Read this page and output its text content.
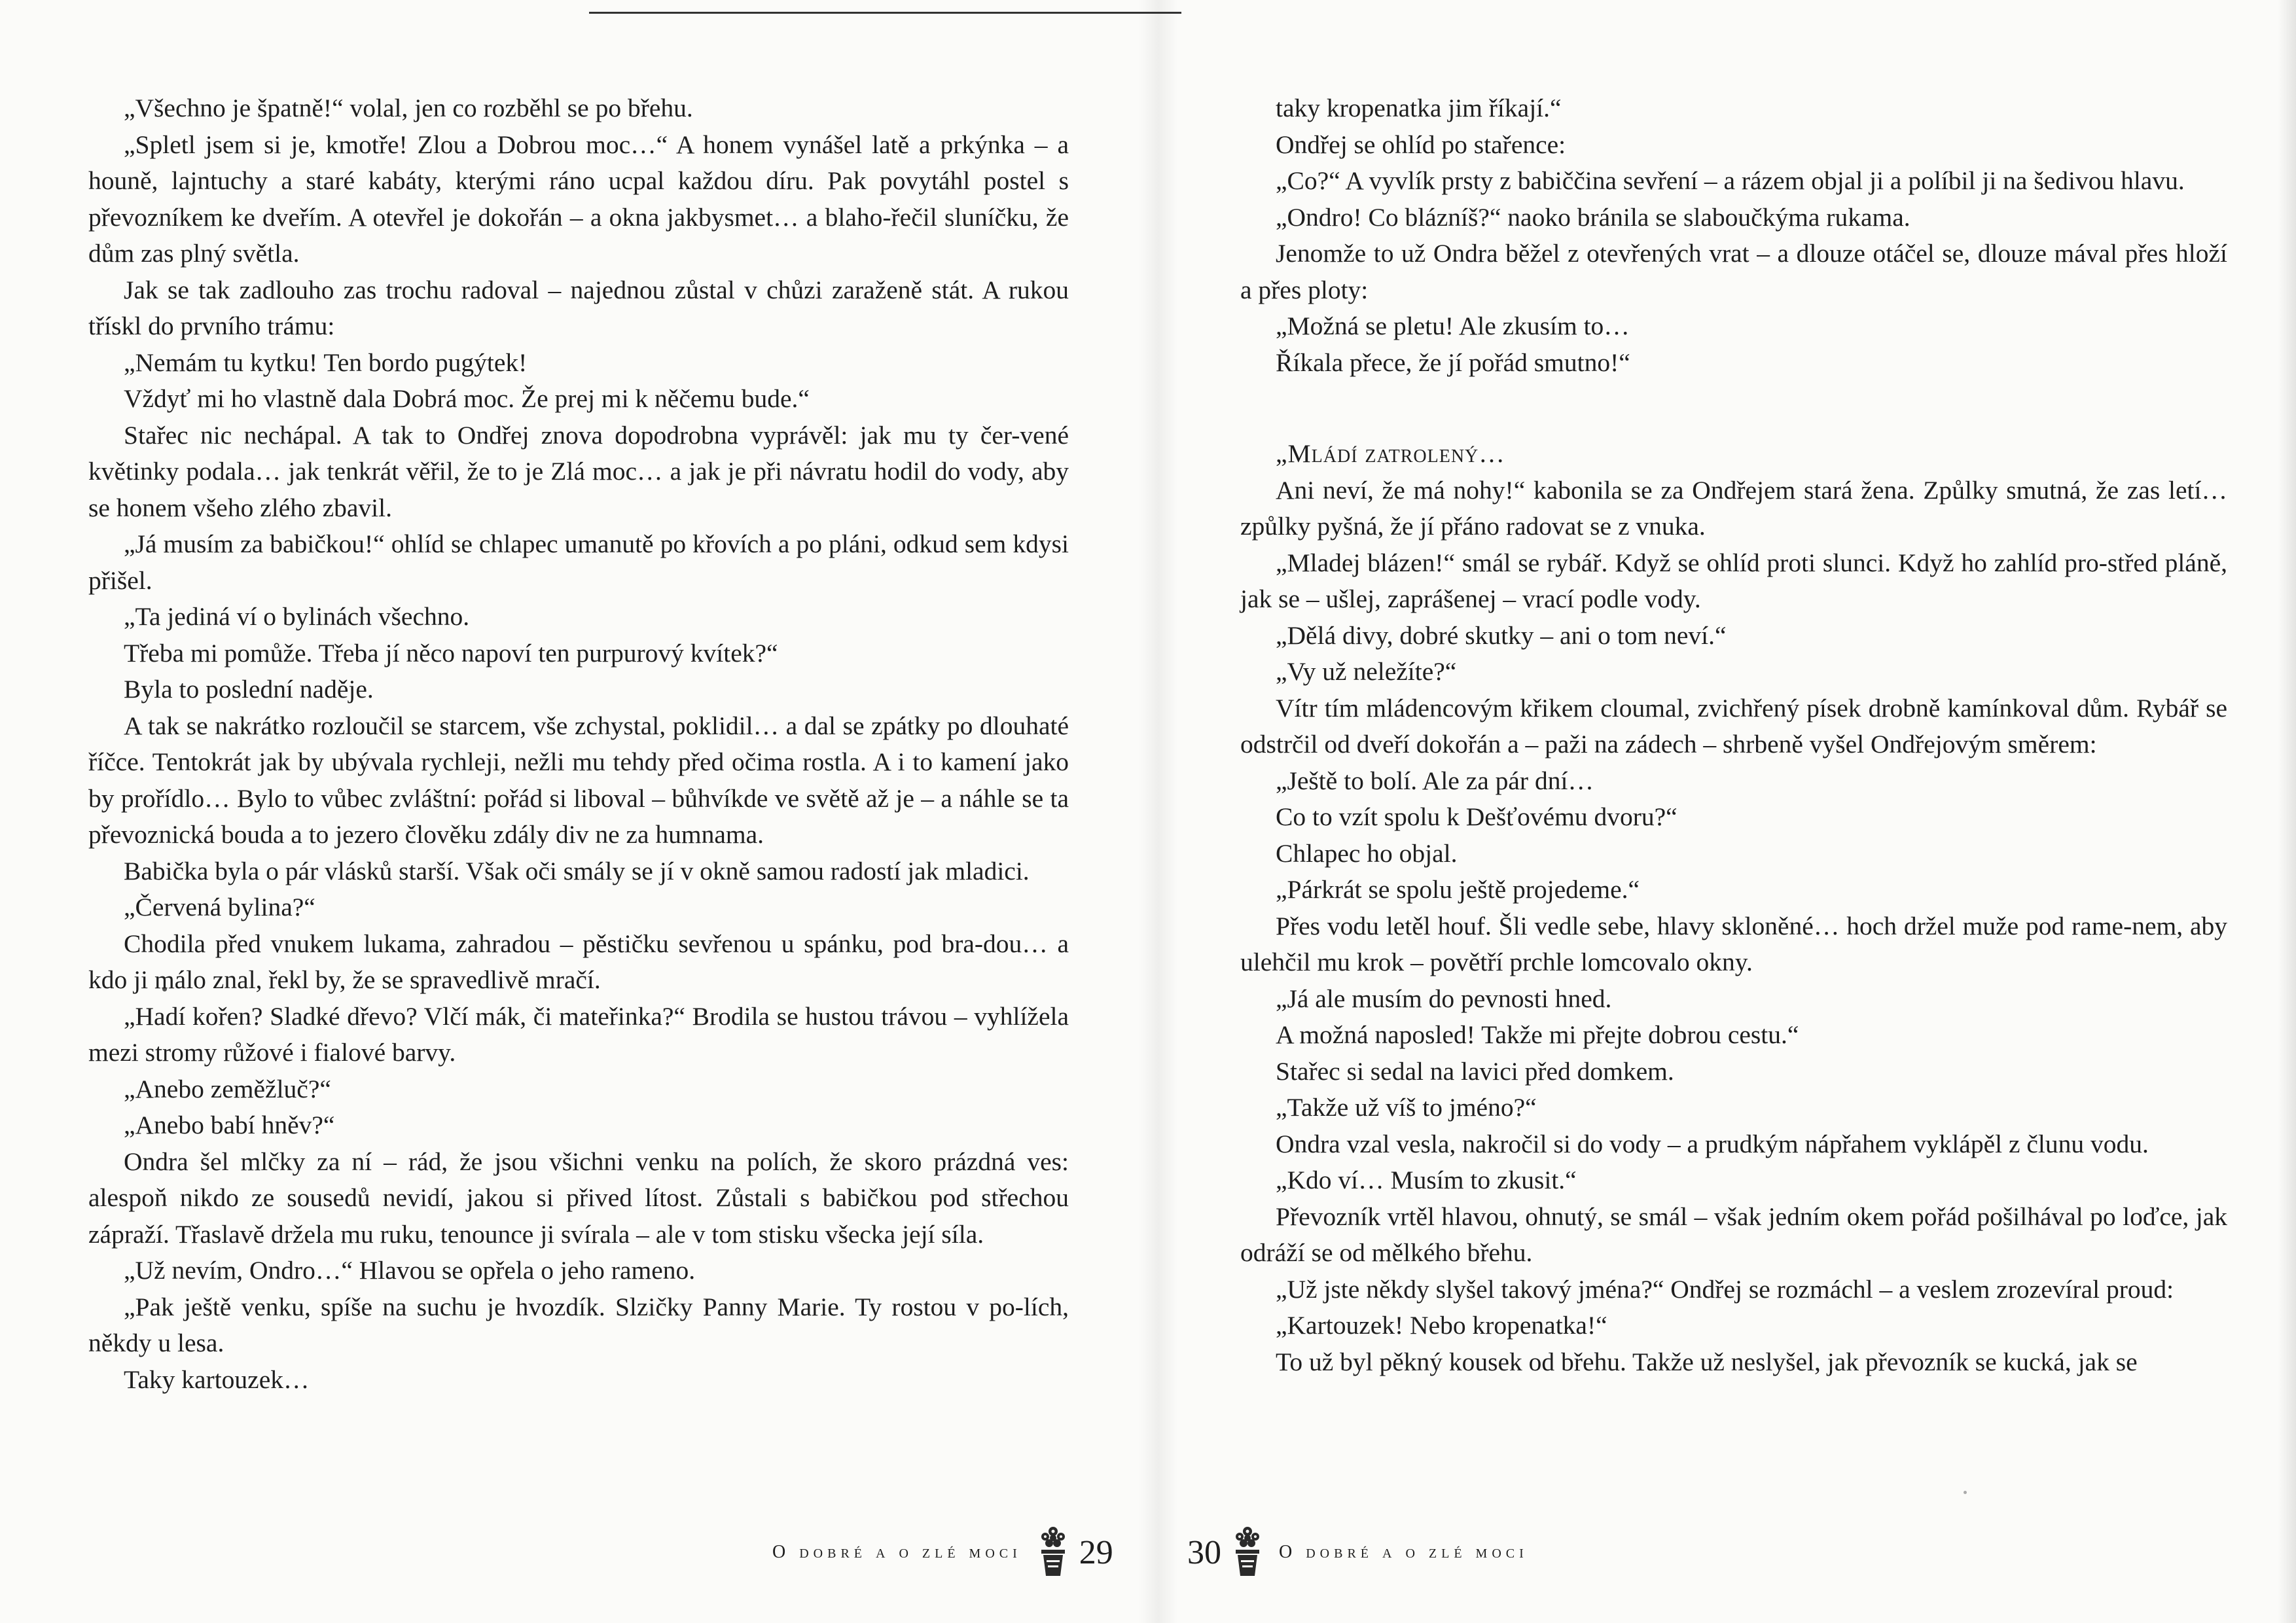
„Všechno je špatně!“ volal, jen co rozběhl se po břehu.

„Spletl jsem si je, kmotře! Zlou a Dobrou moc…“ A honem vynášel latě a prkýnka – a houně, lajntuchy a staré kabáty, kterými ráno ucpal každou díru. Pak povytáhl postel s převozníkem ke dveřím. A otevřel je dokořán – a okna jakbysmet… a blaho-řečil sluníčku, že dům zas plný světla.

Jak se tak zadlouho zas trochu radoval – najednou zůstal v chůzi zaraženě stát. A rukou třískl do prvního trámu:

„Nemám tu kytku! Ten bordo pugýtek!

Vždyť mi ho vlastně dala Dobrá moc. Že prej mi k něčemu bude.“

Stařec nic nechápal. A tak to Ondřej znova dopodrobna vyprávěl: jak mu ty čer-vené květinky podala… jak tenkrát věřil, že to je Zlá moc… a jak je při návratu hodil do vody, aby se honem všeho zlého zbavil.

„Já musím za babičkou!“ ohlíd se chlapec umanutě po křovích a po pláni, odkud sem kdysi přišel.

„Ta jediná ví o bylinách všechno.

Třeba mi pomůže. Třeba jí něco napoví ten purpurový kvítek?“

Byla to poslední naděje.

A tak se nakrátko rozloučil se starcem, vše zchystal, poklidil… a dal se zpátky po dlouhaté říčce. Tentokrát jak by ubývala rychleji, nežli mu tehdy před očima rostla. A i to kamení jako by prořídlo… Bylo to vůbec zvláštní: pořád si liboval – bůhvíkde ve světě až je – a náhle se ta převoznická bouda a to jezero člověku zdály div ne za humnama.

Babička byla o pár vlásků starší. Však oči smály se jí v okně samou radostí jak mladici.

„Červená bylina?“

Chodila před vnukem lukama, zahradou – pěstičku sevřenou u spánku, pod bra-dou… a kdo ji málo znal, řekl by, že se spravedlivě mračí.

„Hadí kořen? Sladké dřevo? Vlčí mák, či mateřinka?“ Brodila se hustou trávou – vyhlížela mezi stromy růžové i fialové barvy.

„Anebo zeměžluč?“

„Anebo babí hněv?“

Ondra šel mlčky za ní – rád, že jsou všichni venku na polích, že skoro prázdná ves: alespoň nikdo ze sousedů nevidí, jakou si přived lítost. Zůstali s babičkou pod střechou zápraží. Třaslavě držela mu ruku, tenounce ji svírala – ale v tom stisku všecka její síla.

„Už nevím, Ondro…“ Hlavou se opřela o jeho rameno.

„Pak ještě venku, spíše na suchu je hvozdík. Slzičky Panny Marie. Ty rostou v po-lích, někdy u lesa.

Taky kartouzek…

taky kropenatka jim říkají.“

Ondřej se ohlíd po stařence:

„Co?“ A vyvlík prsty z babiččina sevření – a rázem objal ji a políbil ji na šedivou hlavu.

„Ondro! Co blázníš?“ naoko bránila se slaboučkýma rukama.

Jenomže to už Ondra běžel z otevřených vrat – a dlouze otáčel se, dlouze mával přes hloží a přes ploty:

„Možná se pletu! Ale zkusím to…

Říkala přece, že jí pořád smutno!“

„Mládí zatrolený…

Ani neví, že má nohy!“ kabonila se za Ondřejem stará žena. Způlky smutná, že zas letí… způlky pyšná, že jí přáno radovat se z vnuka.

„Mladej blázen!“ smál se rybář. Když se ohlíd proti slunci. Když ho zahlíd pro-střed pláně, jak se – ušlej, zaprášenej – vrací podle vody.

„Dělá divy, dobré skutky – ani o tom neví.“

„Vy už neležíte?“

Vítr tím mládencovým křikem cloumal, zvichřený písek drobně kamínkoval dům. Rybář se odstrčil od dveří dokořán a – paži na zádech – shrbeně vyšel Ondřejovým směrem:

„Ještě to bolí. Ale za pár dní…

Co to vzít spolu k Dešťovému dvoru?“

Chlapec ho objal.

„Párkrát se spolu ještě projedeme.“

Přes vodu letěl houf. Šli vedle sebe, hlavy skloněné… hoch držel muže pod rame-nem, aby ulehčil mu krok – povětří prchle lomcovalo okny.

„Já ale musím do pevnosti hned.

A možná naposled! Takže mi přejte dobrou cestu.“

Stařec si sedal na lavici před domkem.

„Takže už víš to jméno?“

Ondra vzal vesla, nakročil si do vody – a prudkým nápřahem vyklápěl z člunu vodu.

„Kdo ví… Musím to zkusit.“

Převozník vrtěl hlavou, ohnutý, se smál – však jedním okem pořád pošilhával po loďce, jak odráží se od mělkého břehu.

„Už jste někdy slyšel takový jména?“ Ondřej se rozmáchl – a veslem zrozevíral proud:

„Kartouzek! Nebo kropenatka!“

To už byl pěkný kousek od břehu. Takže už neslyšel, jak převozník se kucká, jak se

O dobré a o zlé moci 29 30	O dobré a o zlé moci
